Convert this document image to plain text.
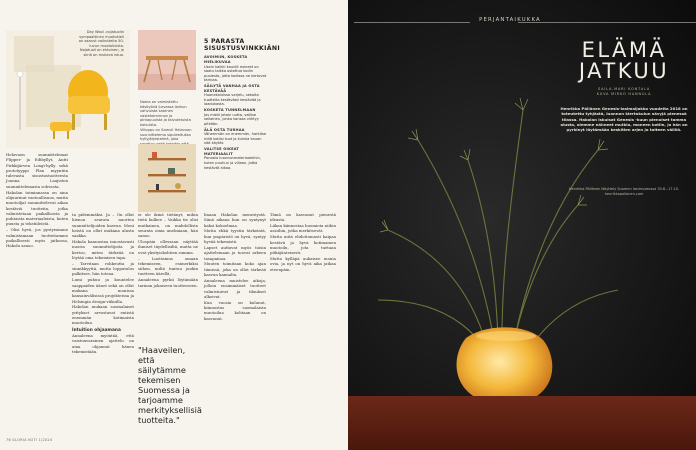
Day Wool -nojatuolin sympaattinen muotokieli on saanut vaikutteita 50-luvun muotoiluista. Nojatuoli on ehtoinen, ja siinä on mukava istua.
Noma on valmistettu käsityönä Jurvassa lankun vahvuista saarnen vastetoiminnon ja pintapuuista ja taivutetuista koivuista.
Viiloppu on Samuli Helavuon suunnittelema sipuleeltuksa hyllyjärjestelmä, joka

Helavuon suunnittelemat Flipper- ja Edibyllyt, Antti Pirkkijärven Longi-hylly sekä prototyyppi Plan myyntiin tulevasta sisustustuotteesta Joanna Laajiston suunnittelemasta sohvasta.

Hakolan toiminnassa on aina olijuurinut vastuullisuus, mutta muotoiljat suunnittelevat aikaa kestäviä tuotteita, jotka valmistetaan paikallisista ja puhtaista materiaaleista, kuten puusta ja tekstiileistä.

– Olisi hyvä, jos pystyisimme valmistamaan tuotteitamme paikallisesti myös jatkossa, Hakola sanoo.

ta pidemmäksi. Ja – On ollut hienoa seurata nuorten suunnittelijoiden kasvua. Moni heistä on ollut mukana alusta saakka.

Hakola kannustaa innostavasti nuoria suunnittelijoita ja kertoo, miten tärkeää on löytää oma tekemisen tapa.

– Tarvitaan rohkeutta ja sinnikkyyttä, mutta lopputulos palkitsee, hän toteaa.

Lumi puhuu ja kuuntelee saappaiden äänet sekä on ollut mukana monissa kansainvälisissä projekteissa ja Helsingin design-viikoilla.

Hakolan mukaan suomalaiset yritykset arvostavat entistä enemmän kotimaista muotoilua.

Intuition ohjaamana

Annaleena myöntää, että vaistonvarainen ajattelu on aina ohjannut hänen tekemistään.

ei ole ikinä tietänyt, mihin tietä kulkee – Vaikka tie olisi mutkainen, on mahdollista seurata omia unelmiaan, hän sanoo.

Ulospäin ollessaan näyttää ihmiset täydellisiltä, mutta ne ovat yksityiskohtien summa.

– Luottamus omaan tekemiseen, esimerkiksi siihen, miltä tuntuu jonkin tuotteen äärellä.

Annaleena pyrkii löytämään tarinan jokaiseen tuotteeseen.

"Haaveilen, että säilytämme tekemisen Suomessa ja tarjoamme merkityksellisiä tuotteita."
5 PARASTA SISUSTUSVINKKIÄNI
AVOIMIIN, KOSKETA MIELIKUVAA
Usein kaikki kauniit esineet on saatu taikka ostettua kodin puolesta, jotta kodissa ne kertovat tarinaa.
SÄILYTÄ VANHAA JA OSTA KESTÄVÄÄ
Huonekaluissa varjelu, sekoita tuotteita kestävästi kestävää ja laadukasta.
KOSKETA TUNNELMAAN
Jos mielii jotain uutta, valitse sellainen, jonka kanssa viihtyy pitkään.
ÄLÄ OSTA TURHAA
Vähemmän on enemmän, harkitse mitä kotiisi tuot ja kuinka kauan sitä käytät.
VALITSE OIKEAT MATERIAALIT
Panosta luonnonmateriaaleihin, kuten puuhun ja villaan, jotka kestävät aikaa.

linaan Hakolan menestystä. Siinä aikana kun on syntynyt kaksi kokoelmaa.

Mutta ehkä tyystin tärkeintä, kun ympäristö on hyvä, syntyy hyvää tekemistä.

Lapset auttavat myös toisin ajattelemaan ja tuovat arkeen tasapainoa.

Muuten toimitaan koko ajan tiimissä, joka on ollut tärkeää kasvun kannalta.

Annaleena muistelee aikoja, jolloin ensimmäiset tuotteet valmistuivat ja tilaukset alkoivat.

Kun vuosia on kulunut, kiinnostus suomalaista muotoilua kohtaan on kasvanut.

Tämä on kasvanut pienestä ideasta.

Liikaa kiinnostaa huomiota niihin asioihin, jotka merkitsevät.

Mutta mitä ehdottomasti kaipaa kestävä ja hyvä kotimainen muotoilu, jota tuetaan pitkäjänteisesti.

Mutta kylläpä aukaisee monia ovia, ja nyt on hyvä aika jatkaa eteenpäin.

76 GLORIA KOTI 1/2024
PERJANTAIKUKKA
ELÄMÄ
JATKUU
SAILA-MARI KONTALA
KUVA MIRKO HANNULA
Henrikka Pöllänen Genesis-lasimaljakko vuodelta 2018 on toteutettu tyhjästä, luonnon kiertokulun sävyjä pienessä tilassa. Hakolan iskuisat Genesis -kuun pienoiset tamma alusta, olemme nähneet mutkia, moneen kotiin, ja hän on pyrkinyt löytämään keskitien arjen ja taiteen välillä.
Henrikka Pöllänen Näyttely Suomen lasimuseossa 30.8.–17.10. henrikkapollanen.com
